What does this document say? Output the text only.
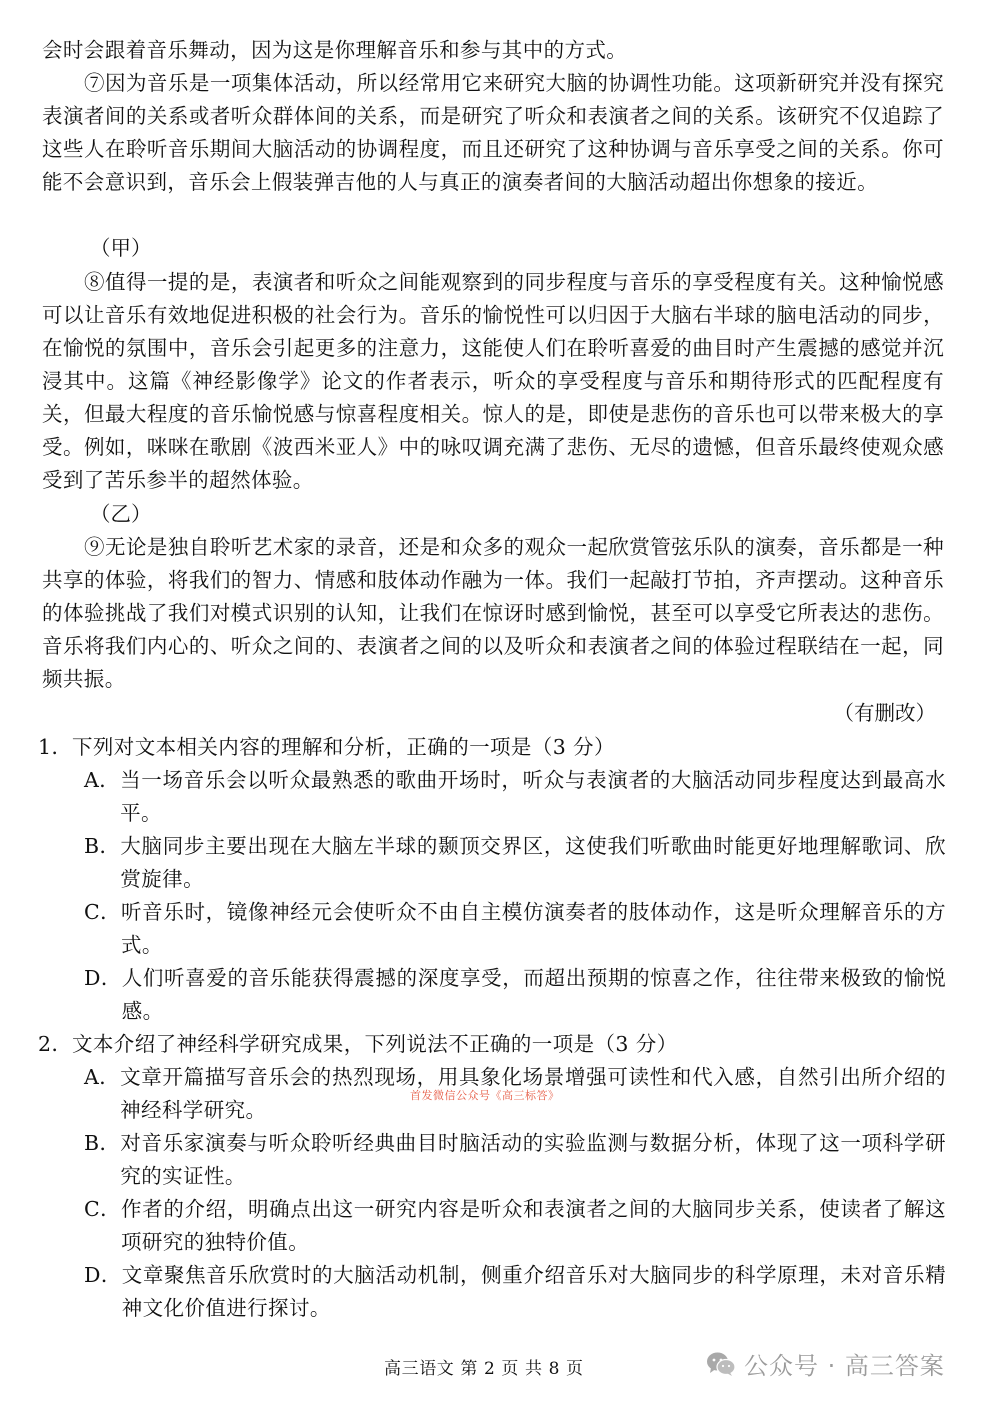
会时会跟着音乐舞动，因为这是你理解音乐和参与其中的方式。

⑦因为音乐是一项集体活动，所以经常用它来研究大脑的协调性功能。这项新研究并没有探究表演者间的关系或者听众群体间的关系，而是研究了听众和表演者之间的关系。该研究不仅追踪了这些人在聆听音乐期间大脑活动的协调程度，而且还研究了这种协调与音乐享受之间的关系。你可能不会意识到，音乐会上假装弹吉他的人与真正的演奏者间的大脑活动超出你想象的接近。

（甲）

⑧值得一提的是，表演者和听众之间能观察到的同步程度与音乐的享受程度有关。这种愉悦感可以让音乐有效地促进积极的社会行为。音乐的愉悦性可以归因于大脑右半球的脑电活动的同步，在愉悦的氛围中，音乐会引起更多的注意力，这能使人们在聆听喜爱的曲目时产生震撼的感觉并沉浸其中。这篇《神经影像学》论文的作者表示，听众的享受程度与音乐和期待形式的匹配程度有关，但最大程度的音乐愉悦感与惊喜程度相关。惊人的是，即使是悲伤的音乐也可以带来极大的享受。例如，咪咪在歌剧《波西米亚人》中的咏叹调充满了悲伤、无尽的遗憾，但音乐最终使观众感受到了苦乐参半的超然体验。

（乙）

⑨无论是独自聆听艺术家的录音，还是和众多的观众一起欣赏管弦乐队的演奏，音乐都是一种共享的体验，将我们的智力、情感和肢体动作融为一体。我们一起敲打节拍，齐声摆动。这种音乐的体验挑战了我们对模式识别的认知，让我们在惊讶时感到愉悦，甚至可以享受它所表达的悲伤。音乐将我们内心的、听众之间的、表演者之间的以及听众和表演者之间的体验过程联结在一起，同频共振。

（有删改）
1．下列对文本相关内容的理解和分析，正确的一项是（3 分）
A． 当一场音乐会以听众最熟悉的歌曲开场时，听众与表演者的大脑活动同步程度达到最高水平。
B． 大脑同步主要出现在大脑左半球的颞顶交界区，这使我们听歌曲时能更好地理解歌词、欣赏旋律。
C． 听音乐时，镜像神经元会使听众不由自主模仿演奏者的肢体动作，这是听众理解音乐的方式。
D． 人们听喜爱的音乐能获得震撼的深度享受，而超出预期的惊喜之作，往往带来极致的愉悦感。
2．文本介绍了神经科学研究成果，下列说法不正确的一项是（3 分）
A． 文章开篇描写音乐会的热烈现场，用具象化场景增强可读性和代入感，自然引出所介绍的神经科学研究。
B． 对音乐家演奏与听众聆听经典曲目时脑活动的实验监测与数据分析，体现了这一项科学研究的实证性。
C． 作者的介绍，明确点出这一研究内容是听众和表演者之间的大脑同步关系，使读者了解这项研究的独特价值。
D． 文章聚焦音乐欣赏时的大脑活动机制，侧重介绍音乐对大脑同步的科学原理，未对音乐精神文化价值进行探讨。
首发微信公众号《高三标答》
高三语文 第 2 页 共 8 页	公众号 · 高三答案
